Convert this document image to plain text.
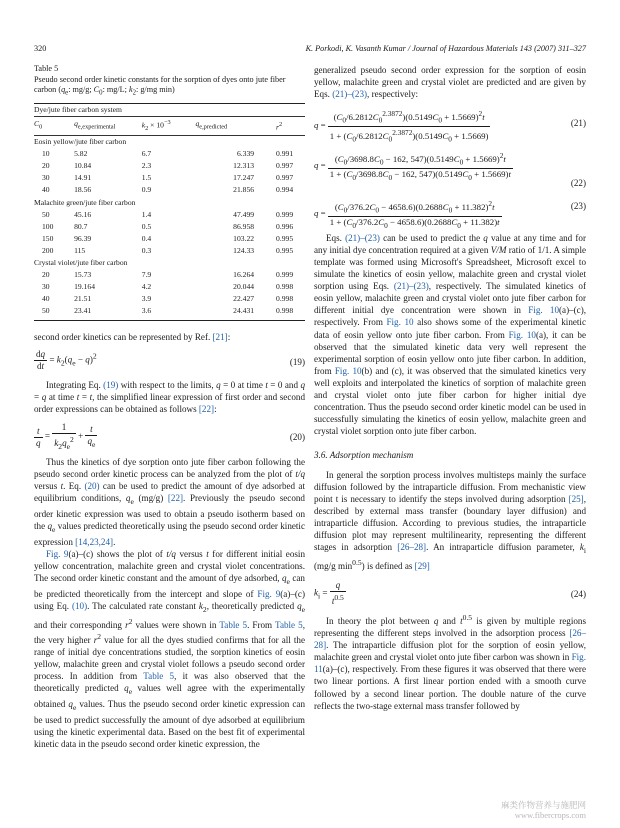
320	K. Porkodi, K. Vasanth Kumar / Journal of Hazardous Materials 143 (2007) 311–327
Table 5
Pseudo second order kinetic constants for the sorption of dyes onto jute fiber carbon ($q_e$: mg/g; $C_0$: mg/L; $k_2$: g/mg min)
Dye/jute fiber carbon system				
$C_0$	$q_{e,experimental}$	$k_2 \times 10^{-3}$	$q_{e,predicted}$	$r^2$
Eosin yellow/jute fiber carbon				
10	5.82	6.7	6.339	0.991
20	10.84	2.3	12.313	0.997
30	14.91	1.5	17.247	0.997
40	18.56	0.9	21.856	0.994
Malachite green/jute fiber carbon				
50	45.16	1.4	47.499	0.999
100	80.7	0.5	86.958	0.996
150	96.39	0.4	103.22	0.995
200	115	0.3	124.33	0.995
Crystal violet/jute fiber carbon				
20	15.73	7.9	16.264	0.999
30	19.164	4.2	20.044	0.998
40	21.51	3.9	22.427	0.998
50	23.41	3.6	24.431	0.998

second order kinetics can be represented by Ref. [21]:

$\frac{dq}{dt} = k_2(q_e - q)^2$
(19)

Integrating Eq. (19) with respect to the limits, q = 0 at time t = 0 and q = q at time t = t, the simplified linear expression of first order and second order expressions can be obtained as follows [22]:

$\frac{t}{q} = \frac{1}{k_2q_e^2} + \frac{t}{q_e}$	(20)

Thus the kinetics of dye sorption onto jute fiber carbon following the pseudo second order kinetic process can be analyzed from the plot of t/q versus t. Eq. (20) can be used to predict the amount of dye adsorbed at equilibrium conditions, $q_e$ (mg/g) [22]. Previously the pseudo second order kinetic expression was used to obtain a pseudo isotherm based on the $q_e$ values predicted theoretically using the pseudo second order kinetic expression [14,23,24].

Fig. 9(a)–(c) shows the plot of t/q versus t for different initial eosin yellow concentration, malachite green and crystal violet concentrations. The second order kinetic constant and the amount of dye adsorbed, $q_e$ can be predicted theoretically from the intercept and slope of Fig. 9(a)–(c) using Eq. (10). The calculated rate constant $k_2$, theoretically predicted $q_e$ and their corresponding $r^2$ values were shown in Table 5. From Table 5, the very higher $r^2$ value for all the dyes studied confirms that for all the range of initial dye concentrations studied, the sorption kinetics of eosin yellow, malachite green and crystal violet follows a pseudo second order process. In addition from Table 5, it was also observed that the theoretically predicted $q_e$ values well agree with the experimentally obtained $q_e$ values. Thus the pseudo second order kinetic expression can be used to predict successfully the amount of dye adsorbed at equilibrium using the kinetic experimental data. Based on the best fit of experimental kinetic data in the pseudo second order kinetic expression, the

generalized pseudo second order expression for the sorption of eosin yellow, malachite green and crystal violet are predicted and are given by Eqs. (21)–(23), respectively:

$q = \frac{(C_0/6.2812C_0^{2.3872})(0.5149C_0 + 1.5669)^2t}{1 + (C_0/6.2812C_0^{2.3872})(0.5149C_0 + 1.5669)}$	(21)
$q = \frac{(C_0/3698.8C_0 - 162, 547)(0.5149C_0 + 1.5669)^2t}{1 + (C_0/3698.8C_0 - 162, 547)(0.5149C_0 + 1.5669)t}$
(22)
$q = \frac{(C_0/376.2C_0 - 4658.6)(0.2688C_0 + 11.382)^2t}{1 + (C_0/376.2C_0 - 4658.6)(0.2688C_0 + 11.382)t}$	(23)

Eqs. (21)–(23) can be used to predict the q value at any time and for any initial dye concentration required at a given V/M ratio of 1/1. A simple template was formed using Microsoft's Spreadsheet, Microsoft excel to simulate the kinetics of eosin yellow, malachite green and crystal violet sorption using Eqs. (21)–(23), respectively. The simulated kinetics of eosin yellow, malachite green and crystal violet onto jute fiber carbon for different initial dye concentration were shown in Fig. 10(a)–(c), respectively. From Fig. 10 also shows some of the experimental kinetic data of eosin yellow onto jute fiber carbon. From Fig. 10(a), it can be observed that the simulated kinetic data very well represent the experimental sorption of eosin yellow onto jute fiber carbon. In addition, from Fig. 10(b) and (c), it was observed that the simulated kinetics very well exploits and interpolated the kinetics of sorption of malachite green and crystal violet onto jute fiber carbon for higher initial dye concentration. Thus the pseudo second order kinetic model can be used in successfully simulating the kinetics of eosin yellow, malachite green and crystal violet sorption onto jute fiber carbon.

3.6. Adsorption mechanism

In general the sorption process involves multisteps mainly the surface diffusion followed by the intraparticle diffusion. From mechanistic view point t is necessary to identify the steps involved during adsorption [25], described by external mass transfer (boundary layer diffusion) and intraparticle diffusion. According to previous studies, the intraparticle diffusion plot may represent multilinearity, representing the different stages in adsorption [26–28]. An intraparticle diffusion parameter, $k_i$ (mg/g $\min^{0.5}$) is defined as [29]

$k_i = \frac{q}{t^{0.5}}$	(24)

In theory the plot between q and $t^{0.5}$ is given by multiple regions representing the different steps involved in the adsorption process [26–28]. The intraparticle diffusion plot for the sorption of eosin yellow, malachite green and crystal violet onto jute fiber carbon was shown in Fig. 11(a)–(c), respectively. From these figures it was observed that there were two linear portions. A first linear portion ended with a smooth curve followed by a second linear portion. The double nature of the curve reflects the two-stage external mass transfer followed by

麻类作物营养与施肥网
www.fibercrops.com
